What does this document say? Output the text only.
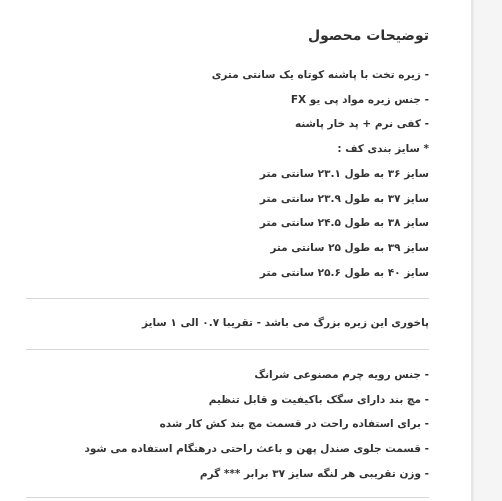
توضیحات محصول
- زیره تخت با پاشنه کوتاه یک سانتی متری
- جنس زیره مواد پی یو FX
- کفی نرم + پد خار پاشنه
* سایز بندی کف :
سایز ۳۶ به طول ۲۳.۱ سانتی متر
سایز ۳۷ به طول ۲۳.۹ سانتی متر
سایز ۳۸ به طول ۲۴.۵ سانتی متر
سایز ۳۹ به طول ۲۵ سانتی متر
سایز ۴۰ به طول ۲۵.۶ سانتی متر
پاخوری این زیره بزرگ می باشد - تقریبا ۰.۷ الی ۱ سایز
- جنس رویه چرم مصنوعی شرانگ
- مچ بند دارای سگک باکیفیت و قابل تنظیم
- برای استفاده راحت در قسمت مچ بند کش کار شده
- قسمت جلوی صندل پهن و باعث راحتی درهنگام استفاده می شود
- وزن تقریبی هر لنگه سایز ۳۷ برابر *** گرم
